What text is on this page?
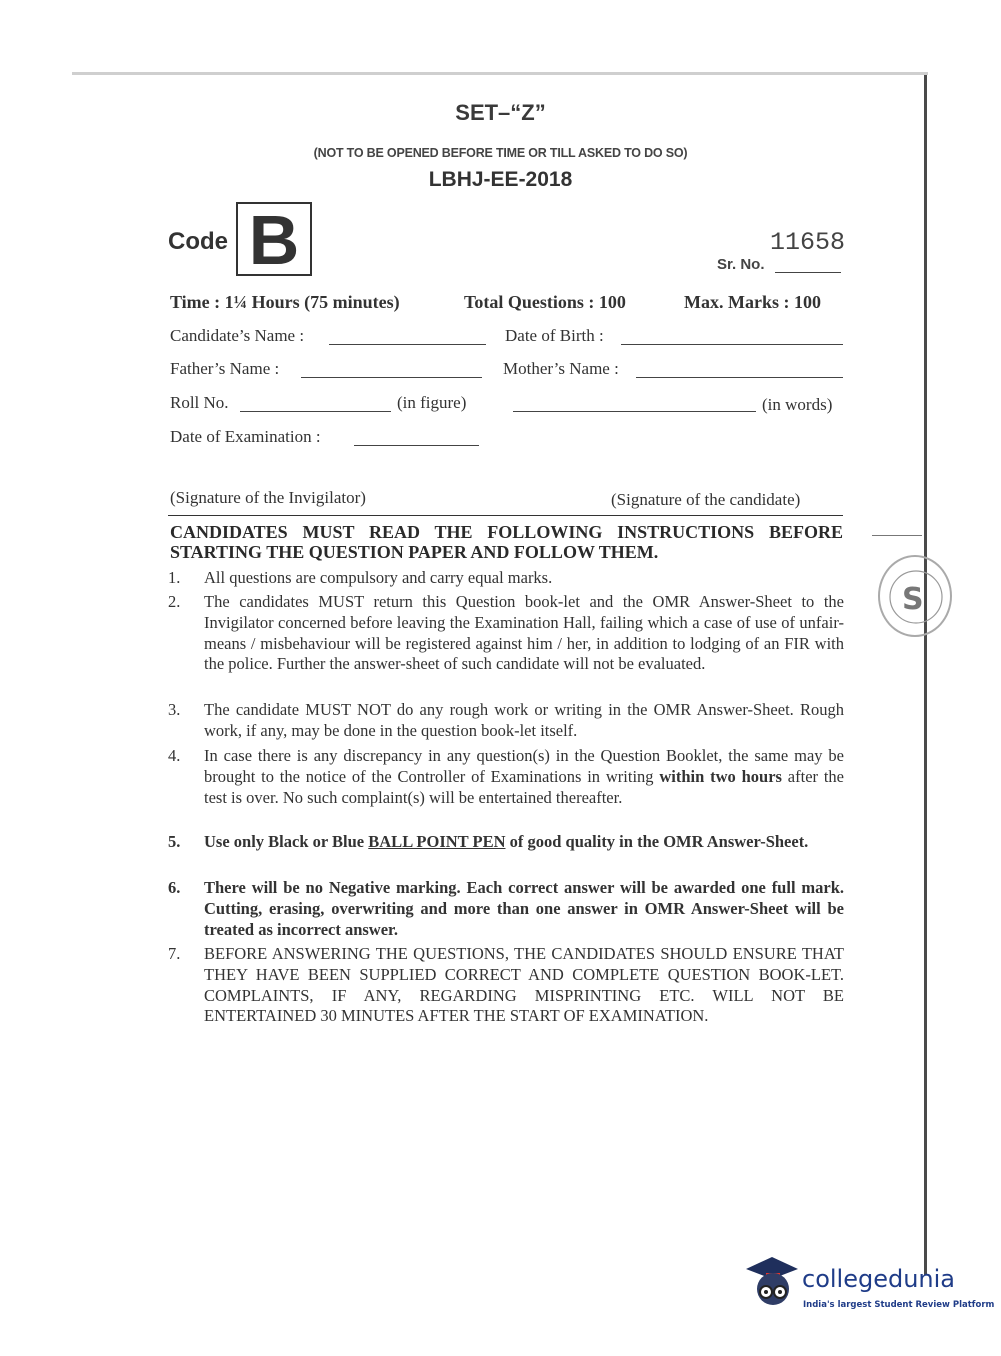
SET–“Z”
(NOT TO BE OPENED BEFORE TIME OR TILL ASKED TO DO SO)
LBHJ-EE-2018
Code B	11658
Sr. No.
Time : 1¼ Hours (75 minutes)	Total Questions : 100	Max. Marks : 100
Candidate’s Name :	Date of Birth :
Father’s Name :	Mother’s Name :
Roll No.	(in figure)	(in words)
Date of Examination :
(Signature of the Invigilator)	(Signature of the candidate)
CANDIDATES MUST READ THE FOLLOWING INSTRUCTIONS BEFORE STARTING THE QUESTION PAPER AND FOLLOW THEM.
1. All questions are compulsory and carry equal marks.
2. The candidates MUST return this Question book-let and the OMR Answer-Sheet to the Invigilator concerned before leaving the Examination Hall, failing which a case of use of unfair-means / misbehaviour will be registered against him / her, in addition to lodging of an FIR with the police. Further the answer-sheet of such candidate will not be evaluated.
3. The candidate MUST NOT do any rough work or writing in the OMR Answer-Sheet. Rough work, if any, may be done in the question book-let itself.
4. In case there is any discrepancy in any question(s) in the Question Booklet, the same may be brought to the notice of the Controller of Examinations in writing within two hours after the test is over. No such complaint(s) will be entertained thereafter.
5. Use only Black or Blue BALL POINT PEN of good quality in the OMR Answer-Sheet.
6. There will be no Negative marking. Each correct answer will be awarded one full mark. Cutting, erasing, overwriting and more than one answer in OMR Answer-Sheet will be treated as incorrect answer.
7. BEFORE ANSWERING THE QUESTIONS, THE CANDIDATES SHOULD ENSURE THAT THEY HAVE BEEN SUPPLIED CORRECT AND COMPLETE QUESTION BOOK-LET. COMPLAINTS, IF ANY, REGARDING MISPRINTING ETC. WILL NOT BE ENTERTAINED 30 MINUTES AFTER THE START OF EXAMINATION.
S
collegedunia
India's largest Student Review Platform
